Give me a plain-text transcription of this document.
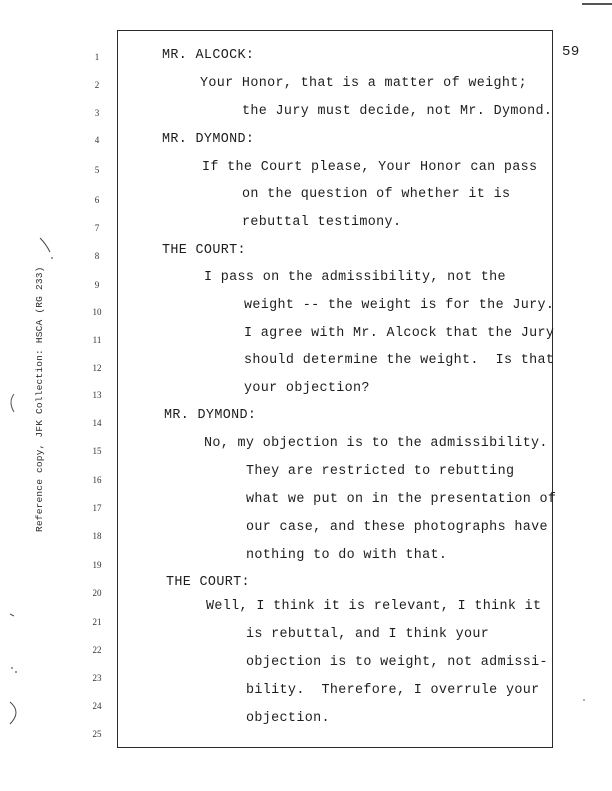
59
Reference copy, JFK Collection: HSCA (RG 233)
1
2
3
4
5
6
7
8
9
10
11
12
13
14
15
16
17
18
19
20
21
22
23
24
25
MR. ALCOCK:
Your Honor, that is a matter of weight;
the Jury must decide, not Mr. Dymond.
MR. DYMOND:
If the Court please, Your Honor can pass
on the question of whether it is
rebuttal testimony.
THE COURT:
I pass on the admissibility, not the
weight -- the weight is for the Jury.
I agree with Mr. Alcock that the Jury
should determine the weight.  Is that
your objection?
MR. DYMOND:
No, my objection is to the admissibility.
They are restricted to rebutting
what we put on in the presentation of
our case, and these photographs have
nothing to do with that.
THE COURT:
Well, I think it is relevant, I think it
is rebuttal, and I think your
objection is to weight, not admissi-
bility.  Therefore, I overrule your
objection.
